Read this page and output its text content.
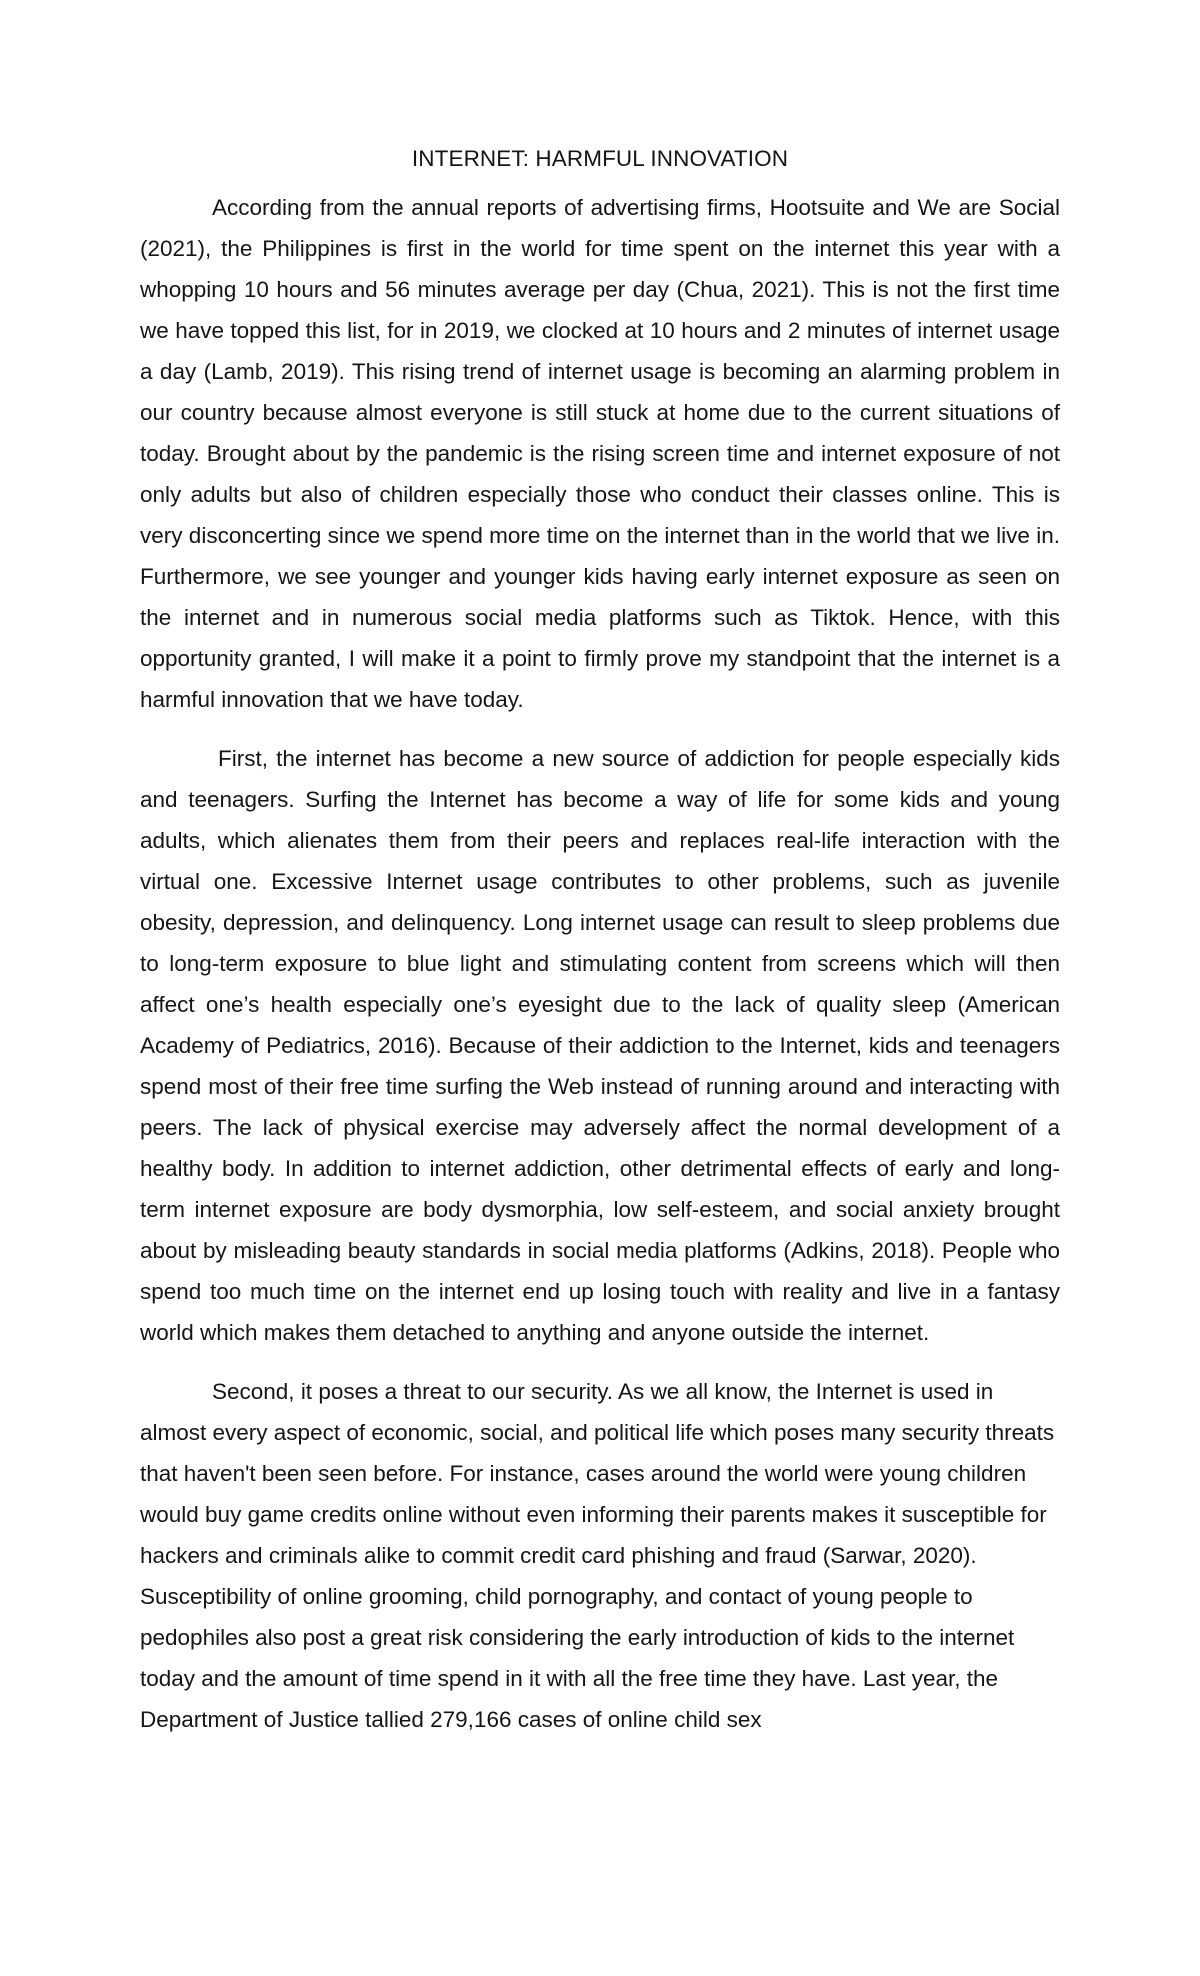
INTERNET: HARMFUL INNOVATION

According from the annual reports of advertising firms, Hootsuite and We are Social (2021), the Philippines is first in the world for time spent on the internet this year with a whopping 10 hours and 56 minutes average per day (Chua, 2021). This is not the first time we have topped this list, for in 2019, we clocked at 10 hours and 2 minutes of internet usage a day (Lamb, 2019). This rising trend of internet usage is becoming an alarming problem in our country because almost everyone is still stuck at home due to the current situations of today. Brought about by the pandemic is the rising screen time and internet exposure of not only adults but also of children especially those who conduct their classes online. This is very disconcerting since we spend more time on the internet than in the world that we live in. Furthermore, we see younger and younger kids having early internet exposure as seen on the internet and in numerous social media platforms such as Tiktok. Hence, with this opportunity granted, I will make it a point to firmly prove my standpoint that the internet is a harmful innovation that we have today.

First, the internet has become a new source of addiction for people especially kids and teenagers. Surfing the Internet has become a way of life for some kids and young adults, which alienates them from their peers and replaces real-life interaction with the virtual one. Excessive Internet usage contributes to other problems, such as juvenile obesity, depression, and delinquency. Long internet usage can result to sleep problems due to long-term exposure to blue light and stimulating content from screens which will then affect one’s health especially one’s eyesight due to the lack of quality sleep (American Academy of Pediatrics, 2016). Because of their addiction to the Internet, kids and teenagers spend most of their free time surfing the Web instead of running around and interacting with peers. The lack of physical exercise may adversely affect the normal development of a healthy body. In addition to internet addiction, other detrimental effects of early and long-term internet exposure are body dysmorphia, low self-esteem, and social anxiety brought about by misleading beauty standards in social media platforms (Adkins, 2018). People who spend too much time on the internet end up losing touch with reality and live in a fantasy world which makes them detached to anything and anyone outside the internet.

Second, it poses a threat to our security. As we all know, the Internet is used in almost every aspect of economic, social, and political life which poses many security threats that haven't been seen before. For instance, cases around the world were young children would buy game credits online without even informing their parents makes it susceptible for hackers and criminals alike to commit credit card phishing and fraud (Sarwar, 2020). Susceptibility of online grooming, child pornography, and contact of young people to pedophiles also post a great risk considering the early introduction of kids to the internet today and the amount of time spend in it with all the free time they have. Last year, the Department of Justice tallied 279,166 cases of online child sex
